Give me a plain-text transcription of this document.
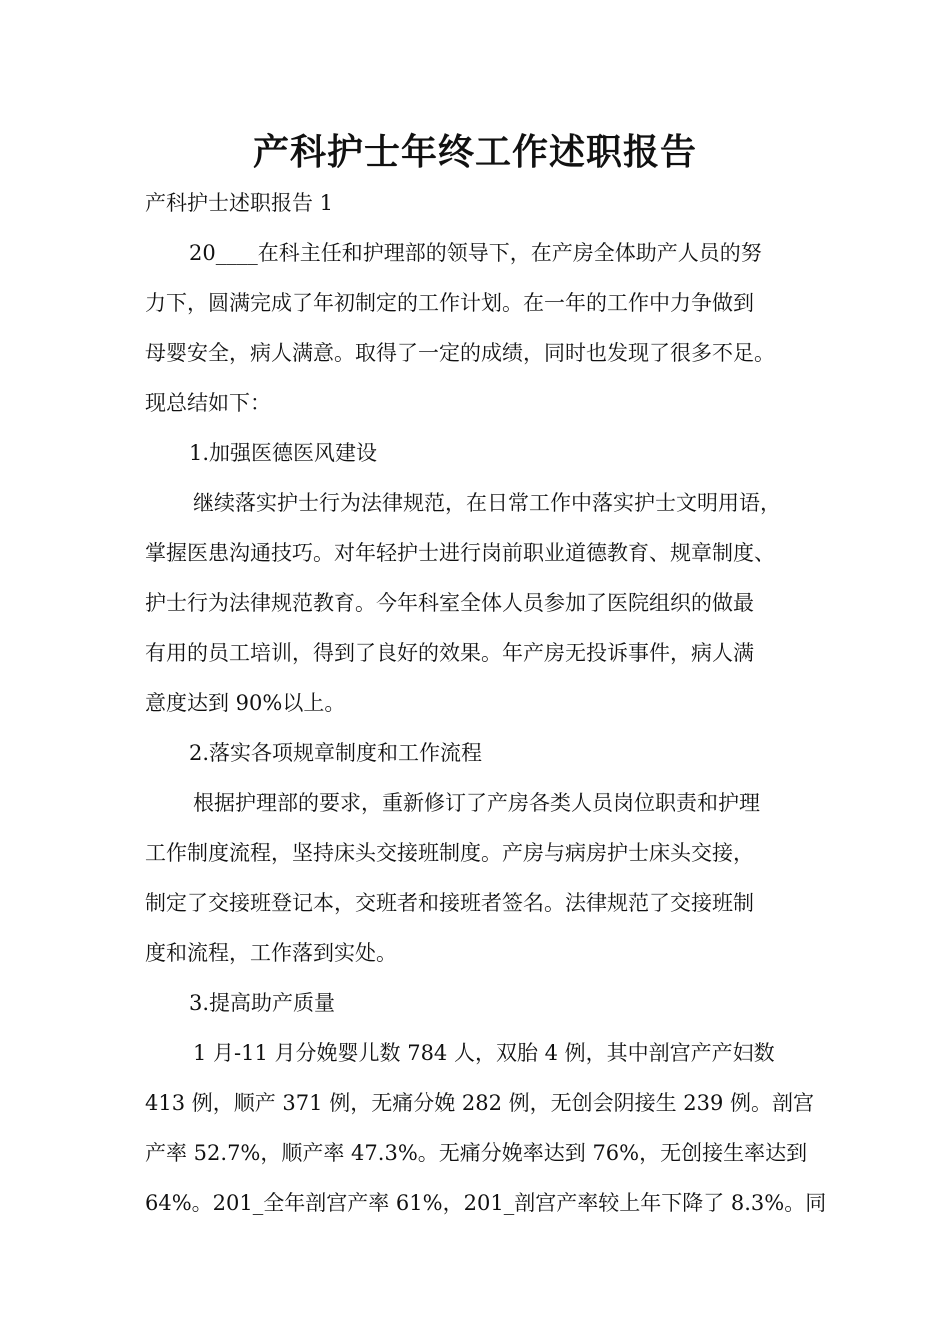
产科护士年终工作述职报告
产科护士述职报告 1
20____在科主任和护理部的领导下，在产房全体助产人员的努
力下，圆满完成了年初制定的工作计划。在一年的工作中力争做到
母婴安全，病人满意。取得了一定的成绩，同时也发现了很多不足。
现总结如下：
1.加强医德医风建设
继续落实护士行为法律规范，在日常工作中落实护士文明用语，
掌握医患沟通技巧。对年轻护士进行岗前职业道德教育、规章制度、
护士行为法律规范教育。今年科室全体人员参加了医院组织的做最
有用的员工培训，得到了良好的效果。年产房无投诉事件，病人满
意度达到 90%以上。
2.落实各项规章制度和工作流程
根据护理部的要求，重新修订了产房各类人员岗位职责和护理
工作制度流程，坚持床头交接班制度。产房与病房护士床头交接，
制定了交接班登记本，交班者和接班者签名。法律规范了交接班制
度和流程，工作落到实处。
3.提高助产质量
1 月-11 月分娩婴儿数 784 人，双胎 4 例，其中剖宫产产妇数
413 例，顺产 371 例，无痛分娩 282 例，无创会阴接生 239 例。剖宫
产率 52.7%，顺产率 47.3%。无痛分娩率达到 76%，无创接生率达到
64%。201_全年剖宫产率 61%，201_剖宫产率较上年下降了 8.3%。同
